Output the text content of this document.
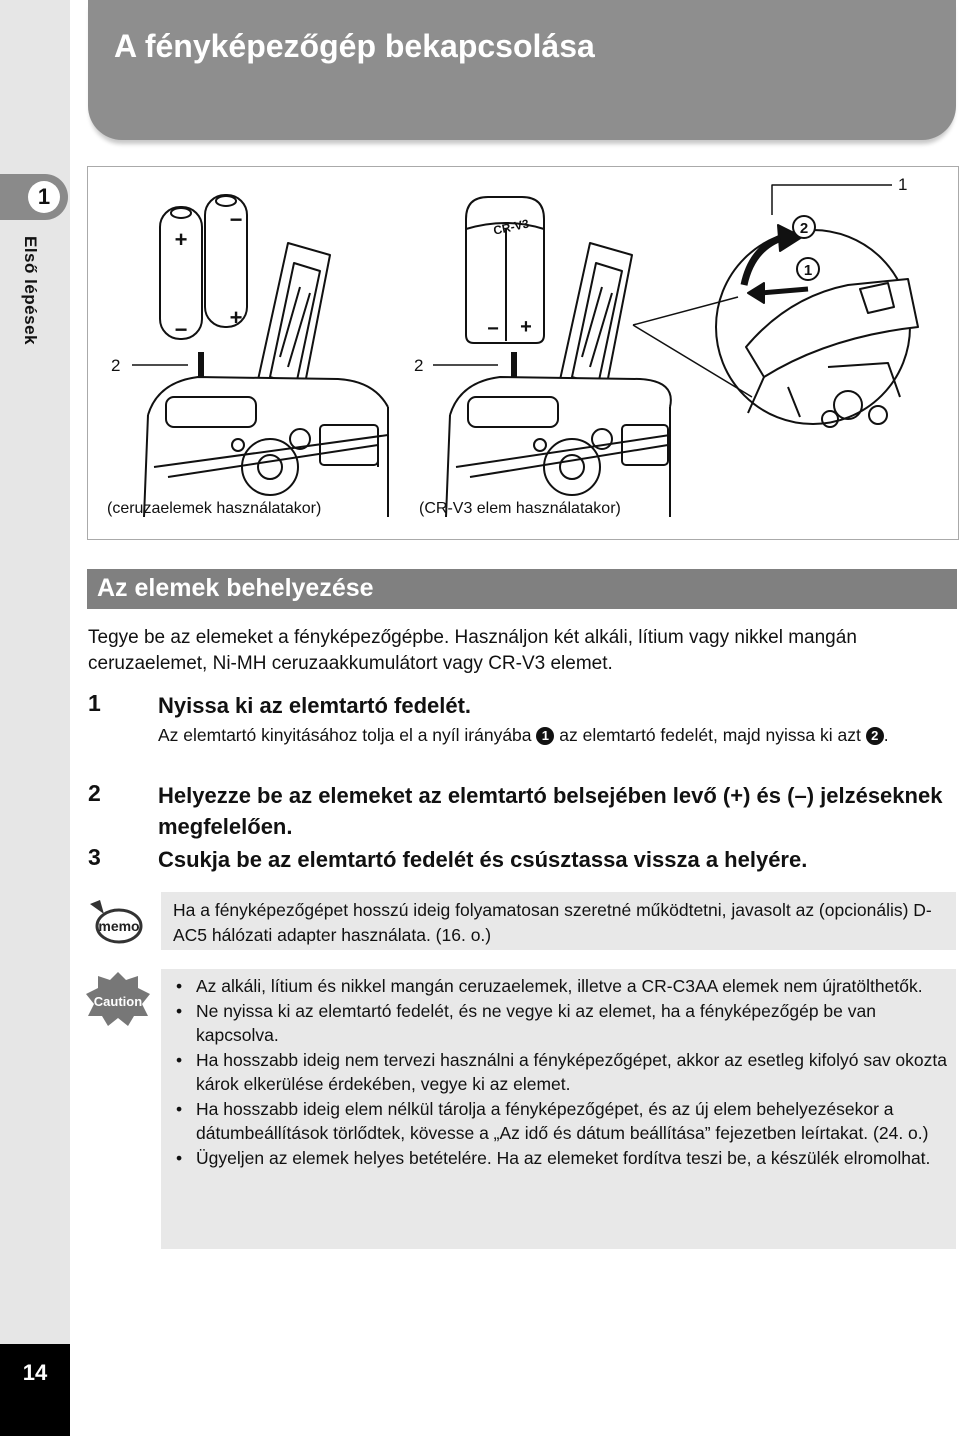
1
Első lépések
14
A fényképezőgép bekapcsolása
+
−
−
+	− +
CR-V3
2	2
1
2
1
(ceruzaelemek használatakor)	(CR-V3 elem használatakor)
Az elemek behelyezése
Tegye be az elemeket a fényképezőgépbe. Használjon két alkáli, lítium vagy nikkel mangán ceruzaelemet, Ni-MH ceruzaakkumulátort vagy CR-V3 elemet.
1	Nyissa ki az elemtartó fedelét.
Az elemtartó kinyitásához tolja el a nyíl irányába 1 az elemtartó fedelét, majd nyissa ki azt 2 .
2	Helyezze be az elemeket az elemtartó belsejében levő (+) és (–) jelzéseknek megfelelően.
3	Csukja be az elemtartó fedelét és csúsztassa vissza a helyére.
memo
Ha a fényképezőgépet hosszú ideig folyamatosan szeretné működtetni, javasolt az (opcionális) D-AC5 hálózati adapter használata. (16. o.)
Caution
• Az alkáli, lítium és nikkel mangán ceruzaelemek, illetve a CR-C3AA elemek nem újratölthetők.
• Ne nyissa ki az elemtartó fedelét, és ne vegye ki az elemet, ha a fényképezőgép be van kapcsolva.
• Ha hosszabb ideig nem tervezi használni a fényképezőgépet, akkor az esetleg kifolyó sav okozta károk elkerülése érdekében, vegye ki az elemet.
• Ha hosszabb ideig elem nélkül tárolja a fényképezőgépet, és az új elem behelyezésekor a dátumbeállítások törlődtek, kövesse a „Az idő és dátum beállítása” fejezetben leírtakat. (24. o.)
• Ügyeljen az elemek helyes betételére. Ha az elemeket fordítva teszi be, a készülék elromolhat.
